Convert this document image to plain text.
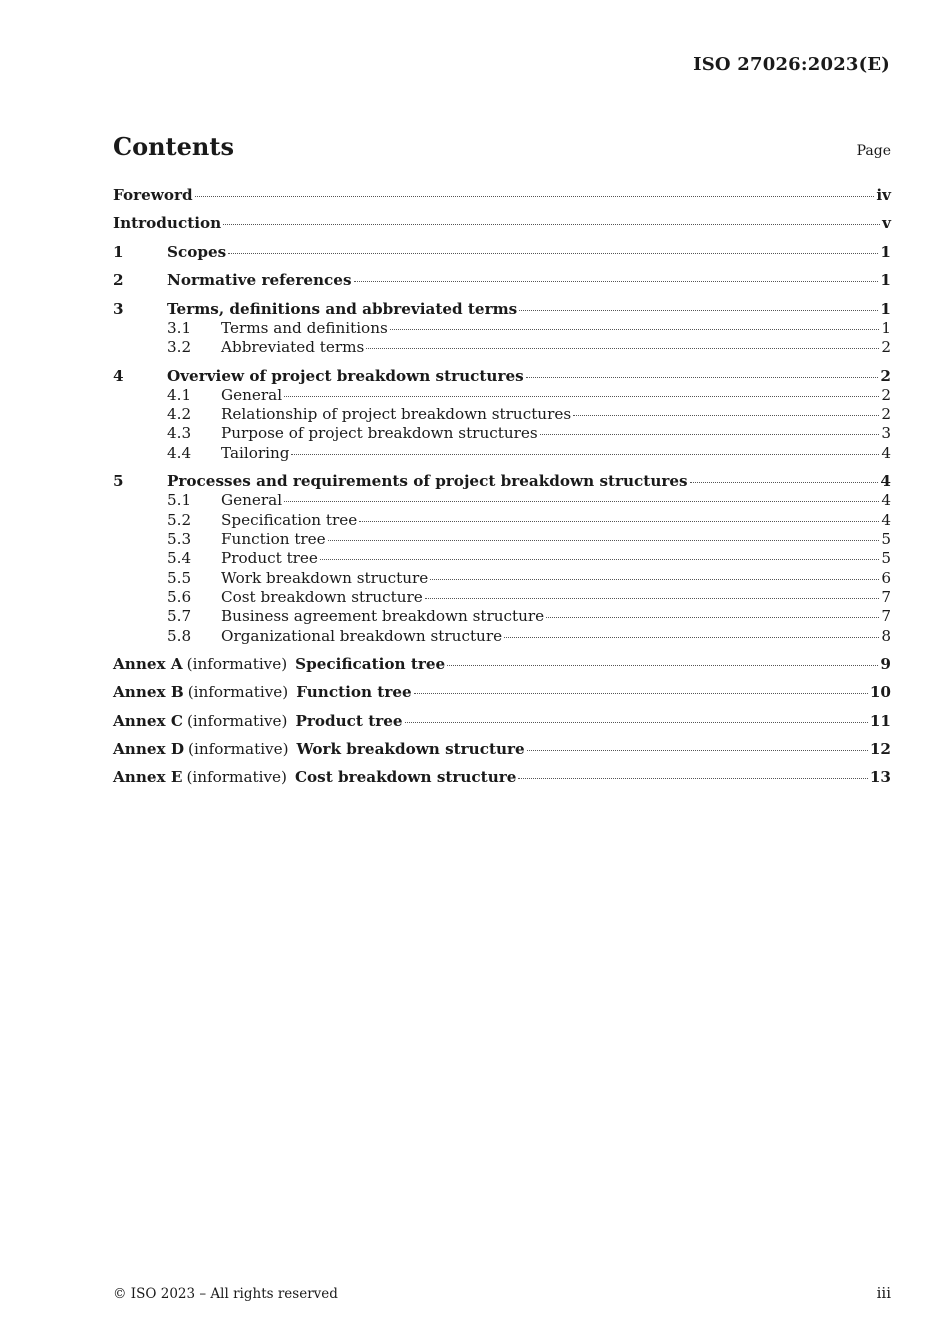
ISO 27026:2023(E)
Contents	Page
Foreword	iv
Introduction	v
1	Scopes	1
2	Normative references	1
3	Terms, definitions and abbreviated terms	1
3.1	Terms and definitions	1
3.2	Abbreviated terms	2
4	Overview of project breakdown structures	2
4.1	General	2
4.2	Relationship of project breakdown structures	2
4.3	Purpose of project breakdown structures	3
4.4	Tailoring	4
5	Processes and requirements of project breakdown structures	4
5.1	General	4
5.2	Specification tree	4
5.3	Function tree	5
5.4	Product tree	5
5.5	Work breakdown structure	6
5.6	Cost breakdown structure	7
5.7	Business agreement breakdown structure	7
5.8	Organizational breakdown structure	8
Annex A (informative) Specification tree	9
Annex B (informative) Function tree	10
Annex C (informative) Product tree	11
Annex D (informative) Work breakdown structure	12
Annex E (informative) Cost breakdown structure	13
© ISO 2023 – All rights reserved	iii
